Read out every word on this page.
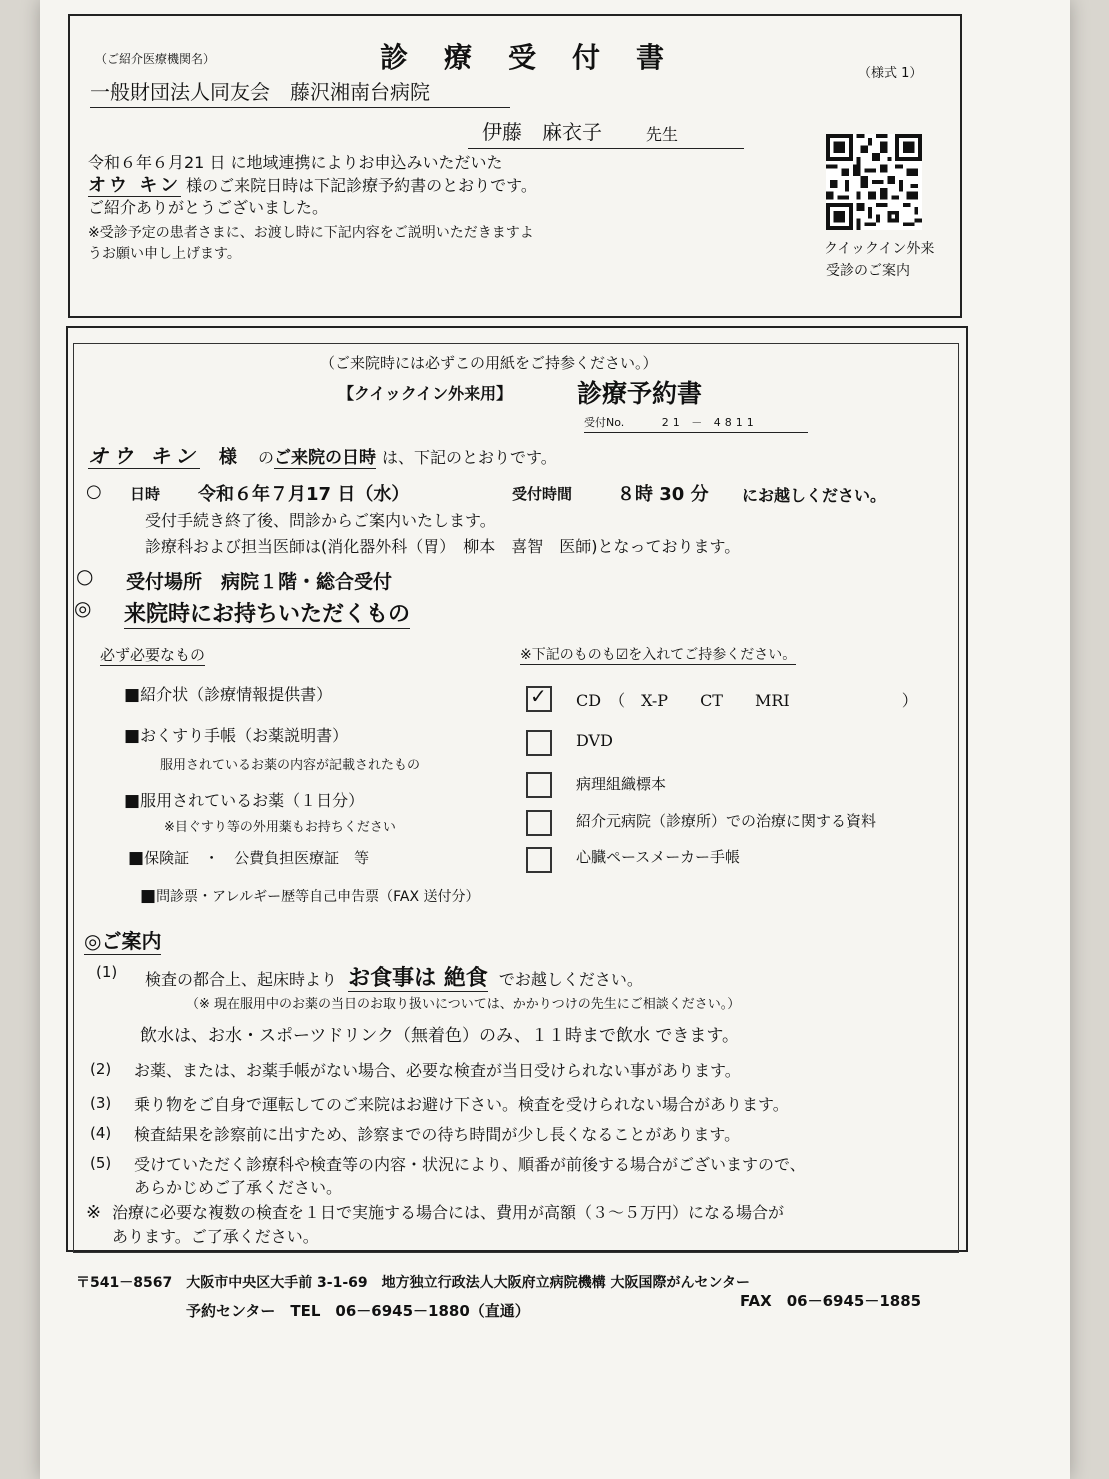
（ご紹介医療機関名）	診　療　受　付　書	（様式 1）
一般財団法人同友会　藤沢湘南台病院
伊藤　麻衣子	先生
令和６年６月21 日 に地域連携によりお申込みいただいた
オウ キン 様のご来院日時は下記診療予約書のとおりです。
ご紹介ありがとうございました。
※受診予定の患者さまに、お渡し時に下記内容をご説明いただきますよ
うお願い申し上げます。	クイックイン外来
受診のご案内
（ご来院時には必ずこの用紙をご持参ください。）
【クイックイン外来用】	診療予約書
受付No.	21 － 4811
オウ キン 様 のご来院の日時 は、下記のとおりです。
○ 日時 令和６年７月17 日（水）	受付時間 ８時 30 分 にお越しください。
受付手続き終了後、問診からご案内いたします。
診療科および担当医師は(消化器外科（胃）　柳本　喜智　医師)となっております。
○ 受付場所　病院１階・総合受付
◎ 来院時にお持ちいただくもの
必ず必要なもの
■紹介状（診療情報提供書）
■おくすり手帳（お薬説明書）
服用されているお薬の内容が記載されたもの
■服用されているお薬（１日分）
※目ぐすり等の外用薬もお持ちください
■保険証　・　公費負担医療証　等
■問診票・アレルギー歴等自己申告票（FAX 送付分）
※下記のものも☑を入れてご持参ください。
✓ CD　（　X-P　　CT　　MRI　　　　　　　）
DVD
病理組織標本
紹介元病院（診療所）での治療に関する資料
心臓ペースメーカー手帳
◎ご案内
(1) 検査の都合上、起床時より お食事は 絶食 でお越しください。
（※ 現在服用中のお薬の当日のお取り扱いについては、かかりつけの先生にご相談ください。）
飲水は、お水・スポーツドリンク（無着色）のみ、１１時まで飲水 できます。
(2) お薬、または、お薬手帳がない場合、必要な検査が当日受けられない事があります。
(3) 乗り物をご自身で運転してのご来院はお避け下さい。検査を受けられない場合があります。
(4) 検査結果を診察前に出すため、診察までの待ち時間が少し長くなることがあります。
(5) 受けていただく診療科や検査等の内容・状況により、順番が前後する場合がございますので、
あらかじめご了承ください。
※ 治療に必要な複数の検査を１日で実施する場合には、費用が高額（３～５万円）になる場合が
あります。ご了承ください。
〒541－8567　大阪市中央区大手前 3-1-69　地方独立行政法人大阪府立病院機構 大阪国際がんセンター
予約センター　TEL　06－6945－1880（直通）
FAX　06－6945－1885
